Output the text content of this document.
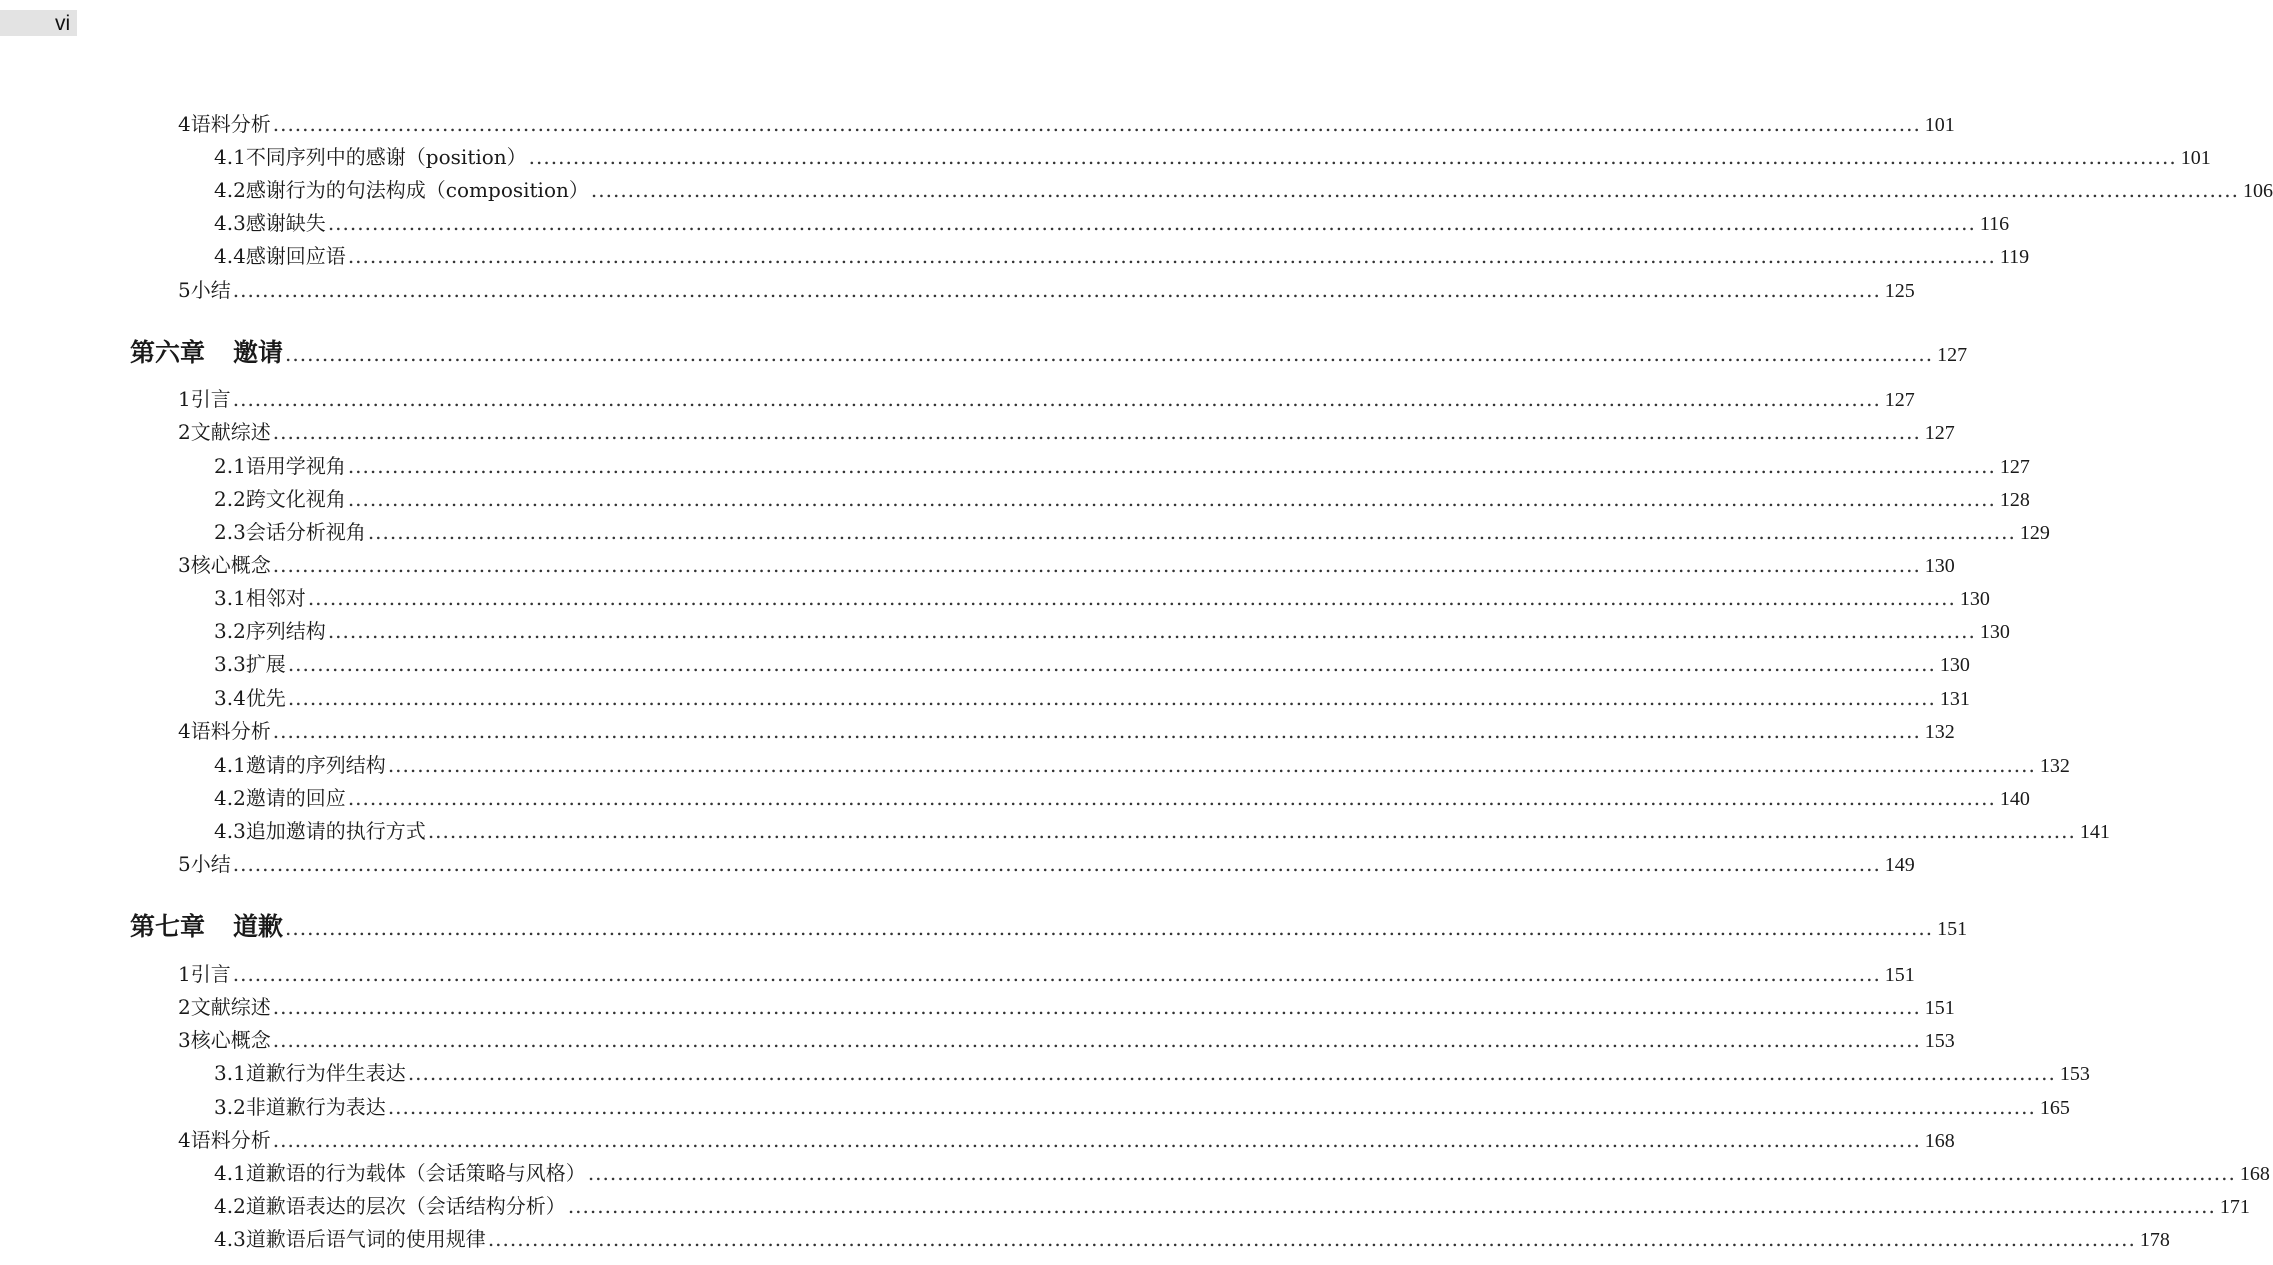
vi
4 语料分析 ................................................................................................................................................................................................................................ 101
4.1 不同序列中的感谢（position） ................................................................................................................................................................................................................................ 101
4.2 感谢行为的句法构成（composition） ................................................................................................................................................................................................................................ 106
4.3 感谢缺失 ................................................................................................................................................................................................................................ 116
4.4 感谢回应语 ................................................................................................................................................................................................................................ 119
5 小结 ................................................................................................................................................................................................................................ 125
第六章 邀请 ................................................................................................................................................................................................................................ 127
1 引言 ................................................................................................................................................................................................................................ 127
2 文献综述 ................................................................................................................................................................................................................................ 127
2.1 语用学视角 ................................................................................................................................................................................................................................ 127
2.2 跨文化视角 ................................................................................................................................................................................................................................ 128
2.3 会话分析视角 ................................................................................................................................................................................................................................ 129
3 核心概念 ................................................................................................................................................................................................................................ 130
3.1 相邻对 ................................................................................................................................................................................................................................ 130
3.2 序列结构 ................................................................................................................................................................................................................................ 130
3.3 扩展 ................................................................................................................................................................................................................................ 130
3.4 优先 ................................................................................................................................................................................................................................ 131
4 语料分析 ................................................................................................................................................................................................................................ 132
4.1 邀请的序列结构 ................................................................................................................................................................................................................................ 132
4.2 邀请的回应 ................................................................................................................................................................................................................................ 140
4.3 追加邀请的执行方式 ................................................................................................................................................................................................................................ 141
5 小结 ................................................................................................................................................................................................................................ 149
第七章 道歉 ................................................................................................................................................................................................................................ 151
1 引言 ................................................................................................................................................................................................................................ 151
2 文献综述 ................................................................................................................................................................................................................................ 151
3 核心概念 ................................................................................................................................................................................................................................ 153
3.1 道歉行为伴生表达 ................................................................................................................................................................................................................................ 153
3.2 非道歉行为表达 ................................................................................................................................................................................................................................ 165
4 语料分析 ................................................................................................................................................................................................................................ 168
4.1 道歉语的行为载体（会话策略与风格） ................................................................................................................................................................................................................................ 168
4.2 道歉语表达的层次（会话结构分析） ................................................................................................................................................................................................................................ 171
4.3 道歉语后语气词的使用规律 ................................................................................................................................................................................................................................ 178
